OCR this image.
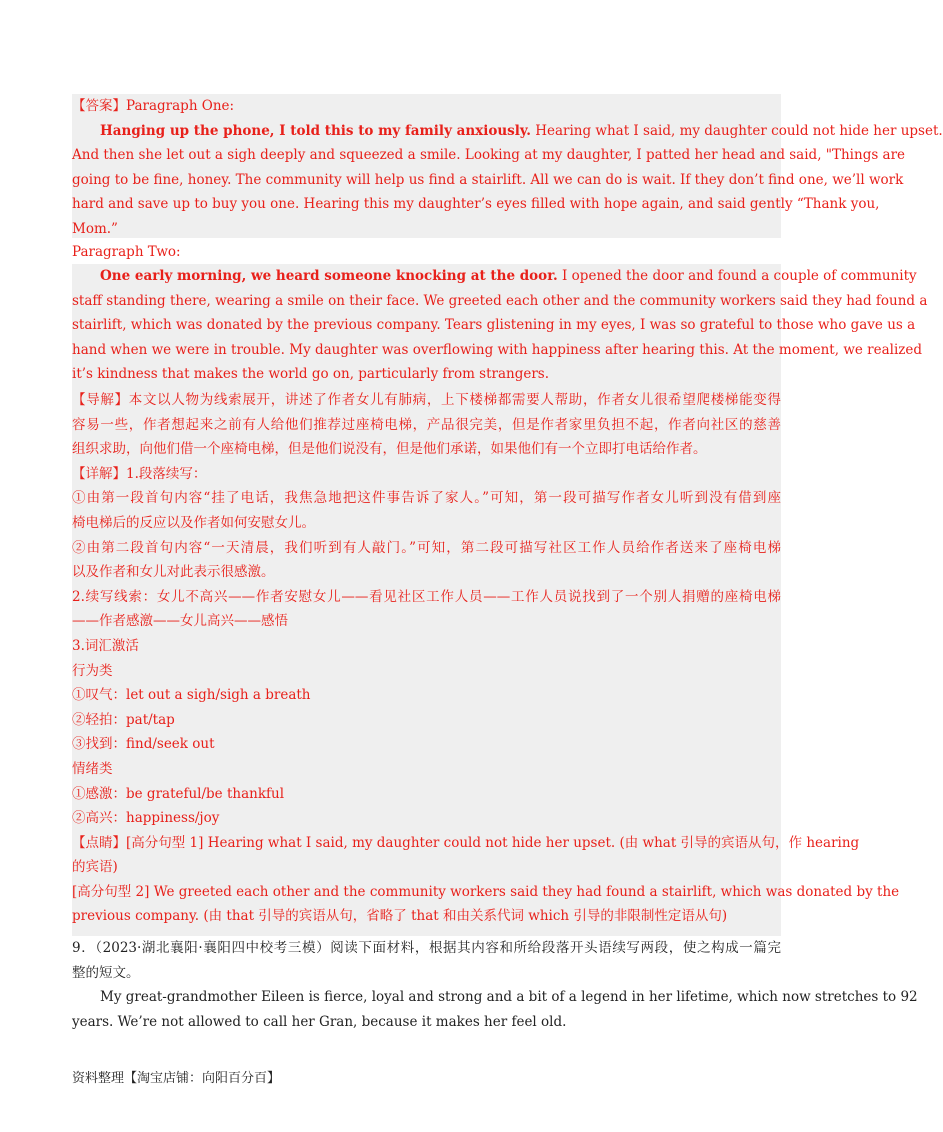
【答案】Paragraph One:
Hanging up the phone, I told this to my family anxiously. Hearing what I said, my daughter could not hide her upset.
And then she let out a sigh deeply and squeezed a smile. Looking at my daughter, I patted her head and said, "Things are
going to be fine, honey. The community will help us find a stairlift. All we can do is wait. If they don’t find one, we’ll work
hard and save up to buy you one. Hearing this my daughter’s eyes filled with hope again, and said gently “Thank you,
Mom.”
Paragraph Two:
One early morning, we heard someone knocking at the door. I opened the door and found a couple of community
staff standing there, wearing a smile on their face. We greeted each other and the community workers said they had found a
stairlift, which was donated by the previous company. Tears glistening in my eyes, I was so grateful to those who gave us a
hand when we were in trouble. My daughter was overflowing with happiness after hearing this. At the moment, we realized
it’s kindness that makes the world go on, particularly from strangers.
【导解】本文以人物为线索展开，讲述了作者女儿有肺病，上下楼梯都需要人帮助，作者女儿很希望爬楼梯能变得
容易一些，作者想起来之前有人给他们推荐过座椅电梯，产品很完美，但是作者家里负担不起，作者向社区的慈善
组织求助，向他们借一个座椅电梯，但是他们说没有，但是他们承诺，如果他们有一个立即打电话给作者。
【详解】1.段落续写：
①由第一段首句内容“挂了电话，我焦急地把这件事告诉了家人。”可知，第一段可描写作者女儿听到没有借到座
椅电梯后的反应以及作者如何安慰女儿。
②由第二段首句内容“一天清晨，我们听到有人敲门。”可知，第二段可描写社区工作人员给作者送来了座椅电梯
以及作者和女儿对此表示很感激。
2.续写线索：女儿不高兴——作者安慰女儿——看见社区工作人员——工作人员说找到了一个别人捐赠的座椅电梯
——作者感激——女儿高兴——感悟
3.词汇激活
行为类
①叹气：let out a sigh/sigh a breath
②轻拍：pat/tap
③找到：find/seek out
情绪类
①感激：be grateful/be thankful
②高兴：happiness/joy
【点睛】[高分句型 1] Hearing what I said, my daughter could not hide her upset. (由 what 引导的宾语从句，作 hearing
的宾语)
[高分句型 2] We greeted each other and the community workers said they had found a stairlift, which was donated by the
previous company. (由 that 引导的宾语从句，省略了 that 和由关系代词 which 引导的非限制性定语从句)
9．（2023·湖北襄阳·襄阳四中校考三模）阅读下面材料，根据其内容和所给段落开头语续写两段，使之构成一篇完
整的短文。
My great-grandmother Eileen is fierce, loyal and strong and a bit of a legend in her lifetime, which now stretches to 92
years. We’re not allowed to call her Gran, because it makes her feel old.
资料整理【淘宝店铺：向阳百分百】
